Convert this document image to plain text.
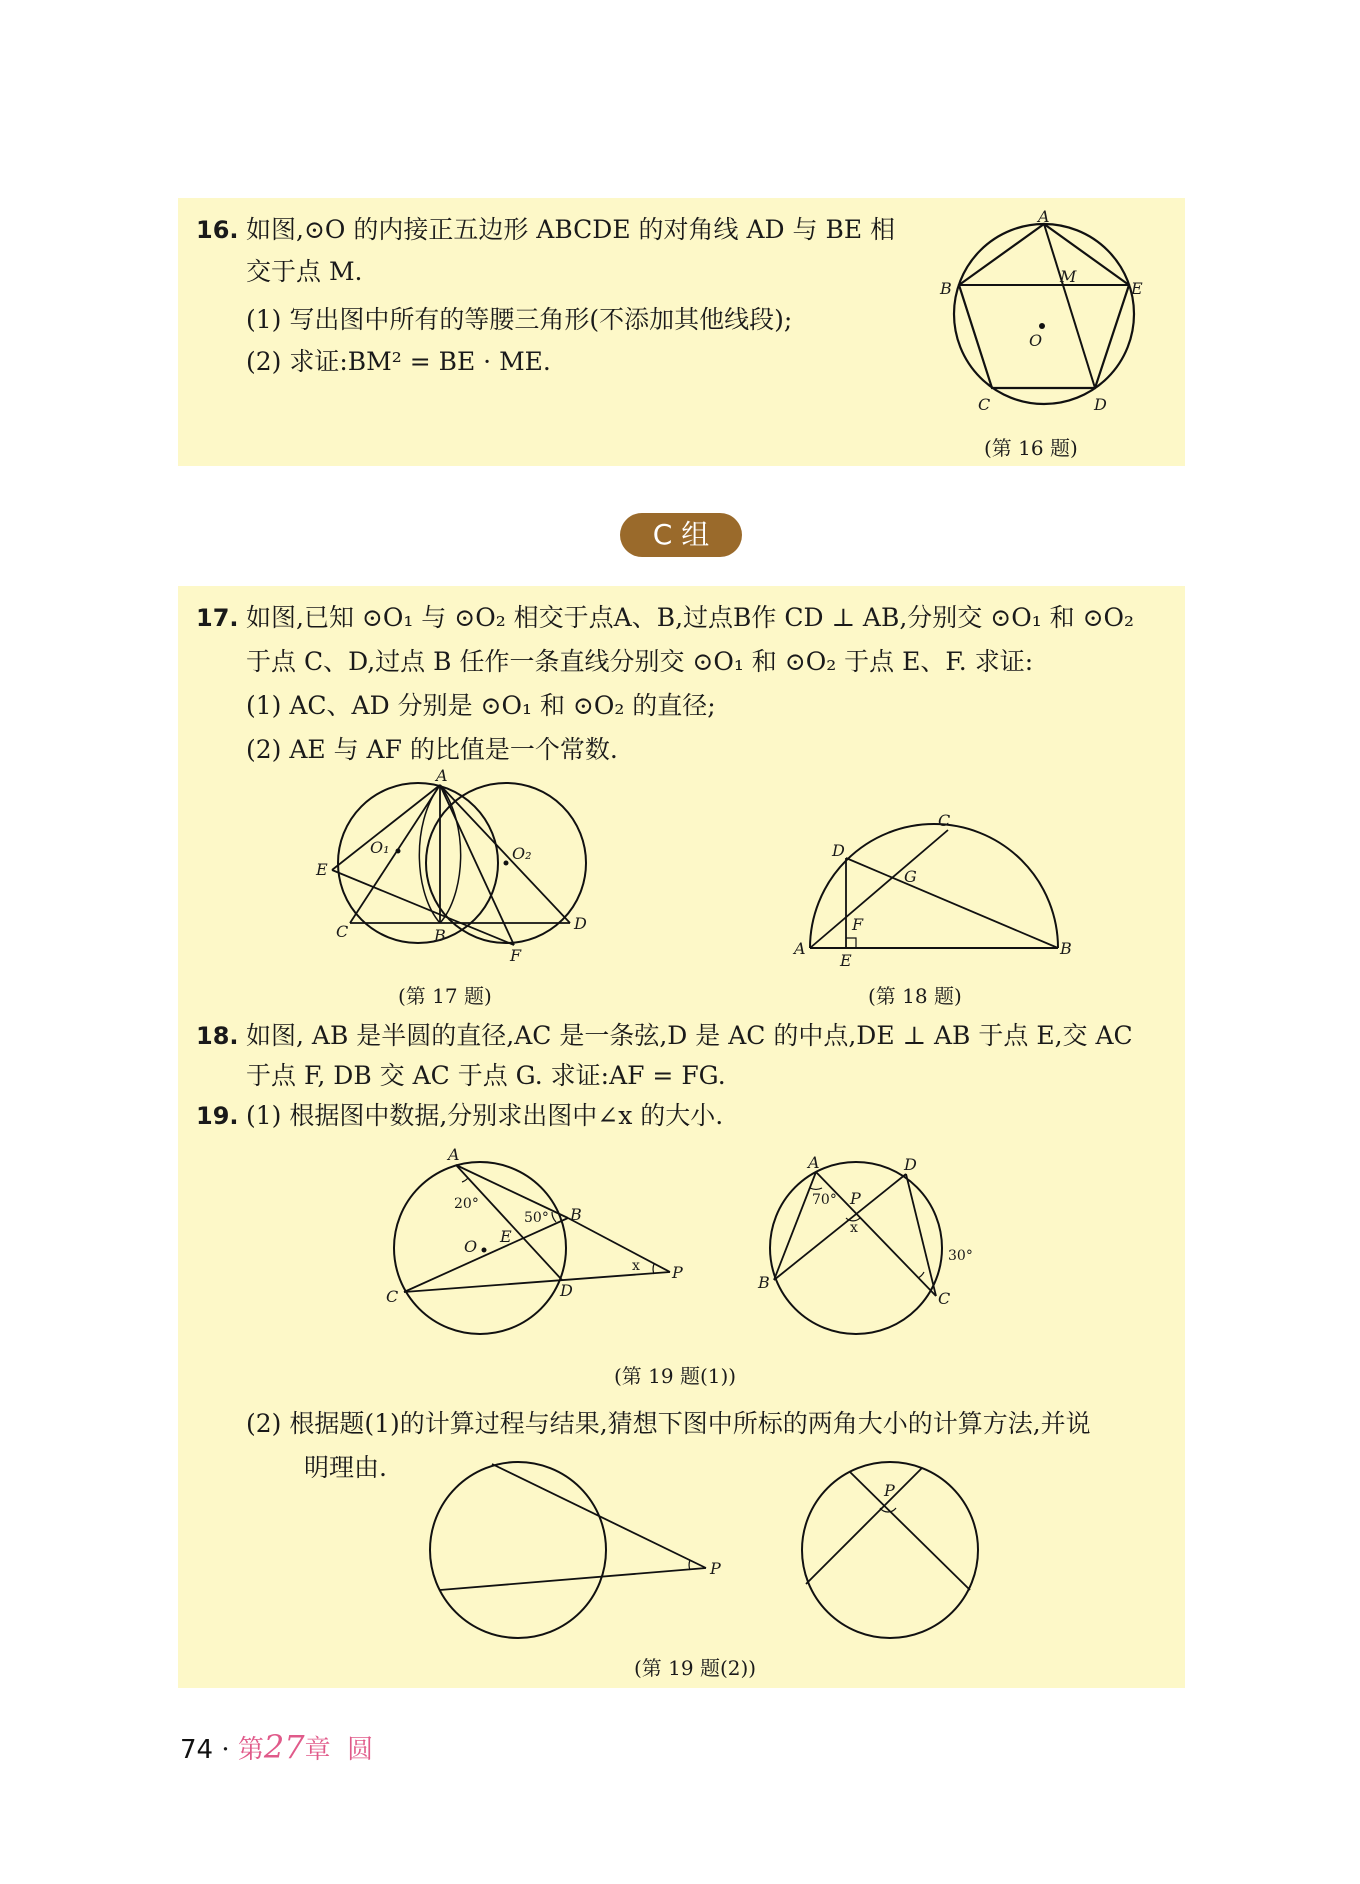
16. 如图,⊙O 的内接正五边形 ABCDE 的对角线 AD 与 BE 相
交于点 M.
(1) 写出图中所有的等腰三角形(不添加其他线段);
(2) 求证:BM² = BE · ME.
A
B
C	D
E
M
O
(第 16 题)
C 组
17. 如图,已知 ⊙O₁ 与 ⊙O₂ 相交于点A、B,过点B作 CD ⊥ AB,分别交 ⊙O₁ 和 ⊙O₂
于点 C、D,过点 B 任作一条直线分别交 ⊙O₁ 和 ⊙O₂ 于点 E、F. 求证:
(1) AC、AD 分别是 ⊙O₁ 和 ⊙O₂ 的直径;
(2) AE 与 AF 的比值是一个常数.
A
B
C	D
E
F
O₁	O₂
(第 17 题)
A	B
C
D
E
F
G
(第 18 题)
18. 如图, AB 是半圆的直径,AC 是一条弦,D 是 AC 的中点,DE ⊥ AB 于点 E,交 AC
于点 F, DB 交 AC 于点 G. 求证:AF = FG.
19. (1) 根据图中数据,分别求出图中∠x 的大小.
A
B
C	D
E
O
P
x
20°
50°
A
B
C
D
P
x
70°
30°
(第 19 题(1))
(2) 根据题(1)的计算过程与结果,猜想下图中所标的两角大小的计算方法,并说
明理由.
P
P
(第 19 题(2))
74 · 第27章 圆
